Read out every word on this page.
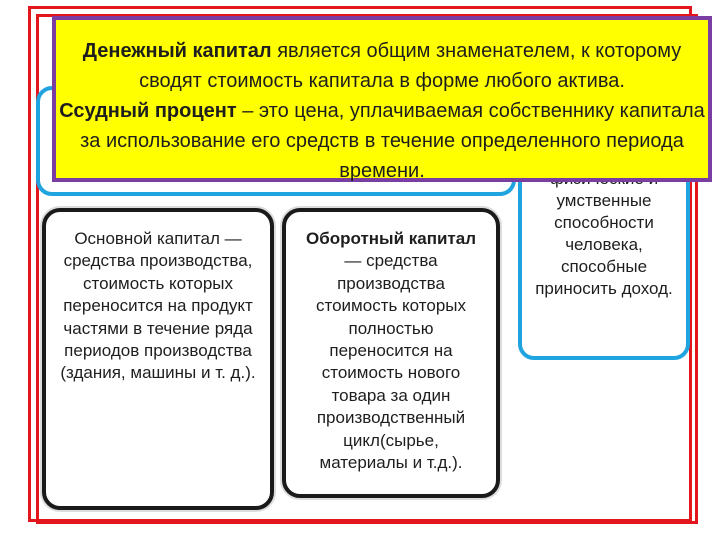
умственные способности человека, способные приносить доход.
Основной капитал — средства производства, стоимость которых переносится на продукт частями в течение ряда периодов производства (здания, машины и т. д.).
Оборотный капитал — средства производства стоимость которых полностью переносится на стоимость нового товара за один производственный цикл(сырье, материалы и т.д.).
Денежный капитал является общим знаменателем, к которому сводят стоимость капитала в форме любого актива.
Ссудный процент – это цена, уплачиваемая собственнику капитала за использование его средств в течение определенного периода времени.
